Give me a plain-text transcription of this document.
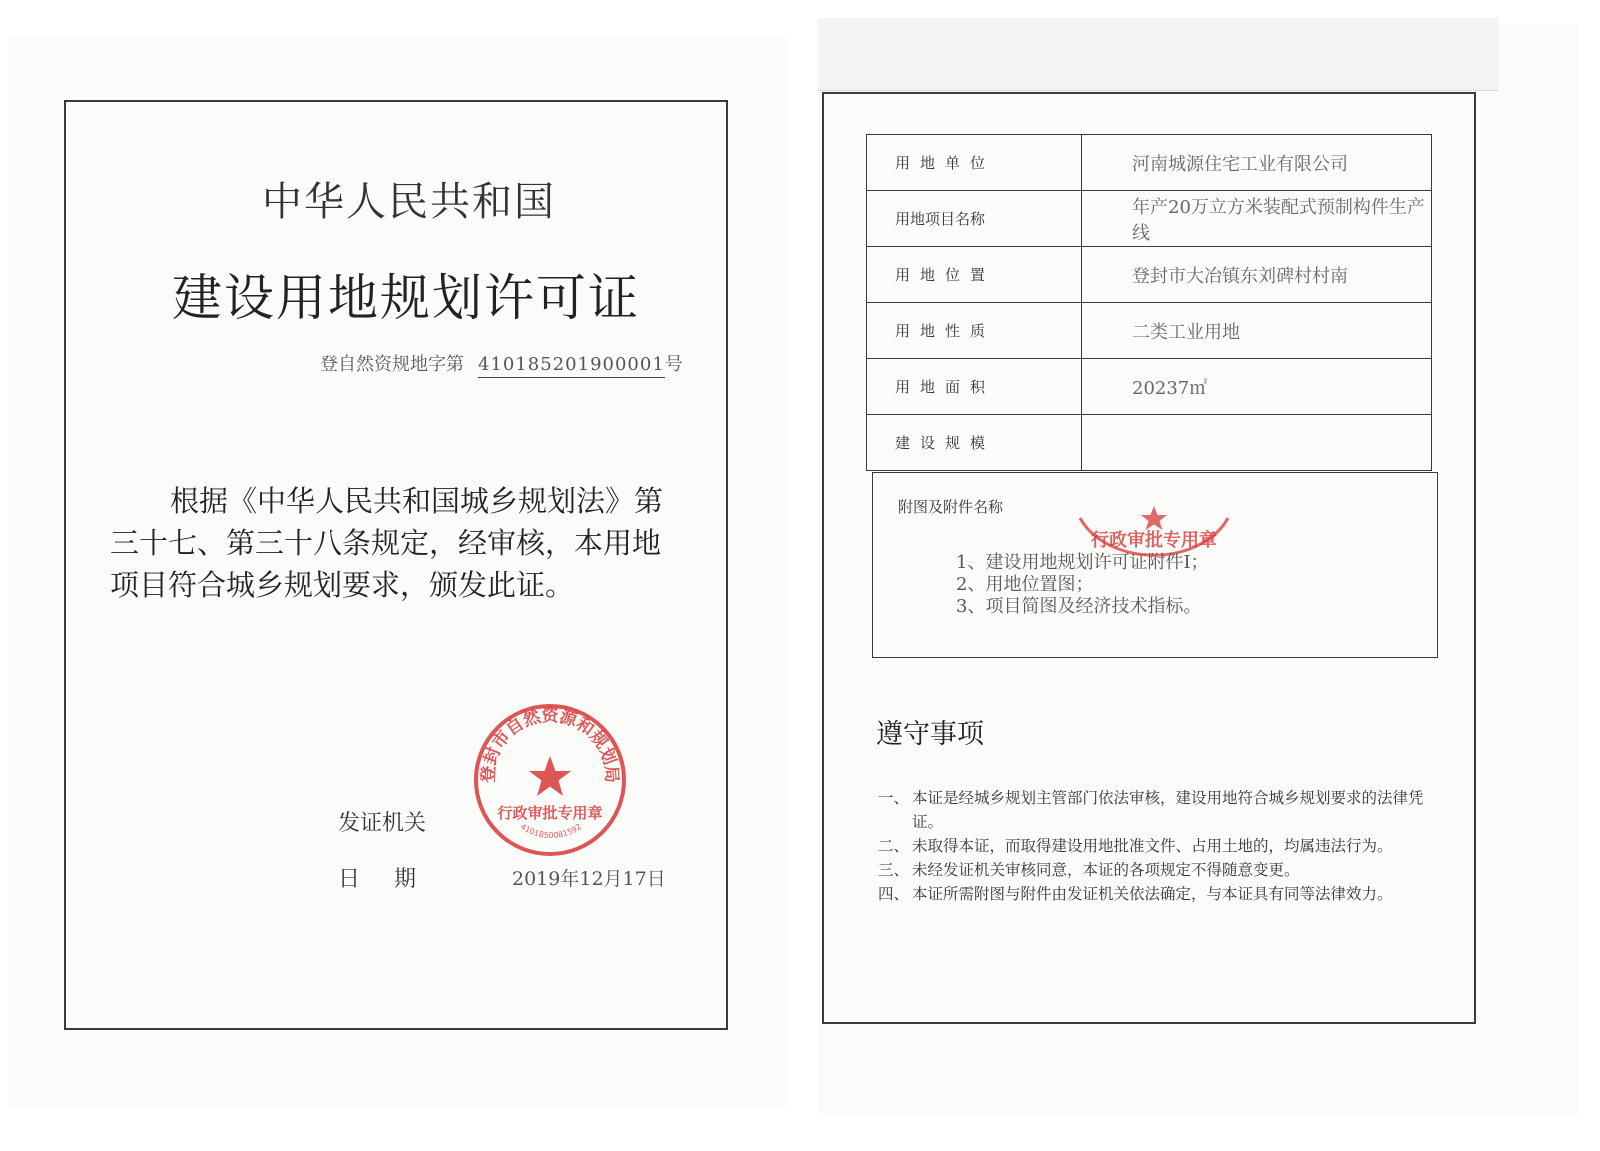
中华人民共和国
建设用地规划许可证
登自然资规地字第 410185201900001号
根据《中华人民共和国城乡规划法》第
三十七、第三十八条规定，经审核，本用地
项目符合城乡规划要求，颁发此证。
发证机关
日期	2019年12月17日
登封市自然资源和规划局
行政审批专用章
4101850081592
用地单位	河南城源住宅工业有限公司
用地项目名称	年产20万立方米装配式预制构件生产线
用地位置	登封市大冶镇东刘碑村村南
用地性质	二类工业用地
用地面积	20237㎡
建设规模	
附图及附件名称
1、建设用地规划许可证附件I；
2、用地位置图；
3、项目简图及经济技术指标。
行政审批专用章
遵守事项
一、 本证是经城乡规划主管部门依法审核，建设用地符合城乡规划要求的法律凭证。
二、 未取得本证，而取得建设用地批准文件、占用土地的，均属违法行为。
三、 未经发证机关审核同意，本证的各项规定不得随意变更。
四、 本证所需附图与附件由发证机关依法确定，与本证具有同等法律效力。
